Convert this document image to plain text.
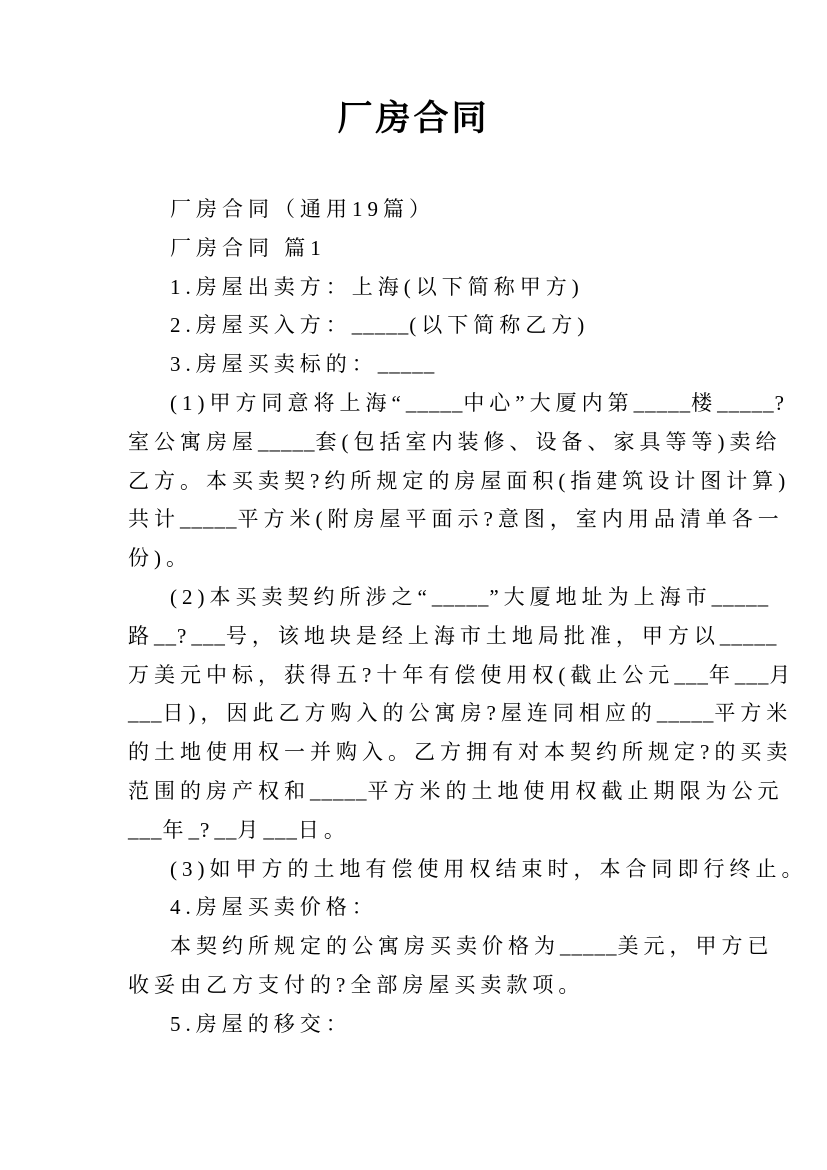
厂房合同
厂房合同（通用19篇）
厂房合同 篇1
1.房屋出卖方：上海(以下简称甲方)
2.房屋买入方：_____(以下简称乙方)
3.房屋买卖标的：_____
(1)甲方同意将上海“_____中心”大厦内第_____楼_____?
室公寓房屋_____套(包括室内装修、设备、家具等等)卖给
乙方。本买卖契?约所规定的房屋面积(指建筑设计图计算)
共计_____平方米(附房屋平面示?意图，室内用品清单各一
份)。
(2)本买卖契约所涉之“_____”大厦地址为上海市_____
路__?___号，该地块是经上海市土地局批准，甲方以_____
万美元中标，获得五?十年有偿使用权(截止公元___年___月
___日)，因此乙方购入的公寓房?屋连同相应的_____平方米
的土地使用权一并购入。乙方拥有对本契约所规定?的买卖
范围的房产权和_____平方米的土地使用权截止期限为公元
___年_?__月___日。
(3)如甲方的土地有偿使用权结束时，本合同即行终止。
4.房屋买卖价格：
本契约所规定的公寓房买卖价格为_____美元，甲方已
收妥由乙方支付的?全部房屋买卖款项。
5.房屋的移交：
